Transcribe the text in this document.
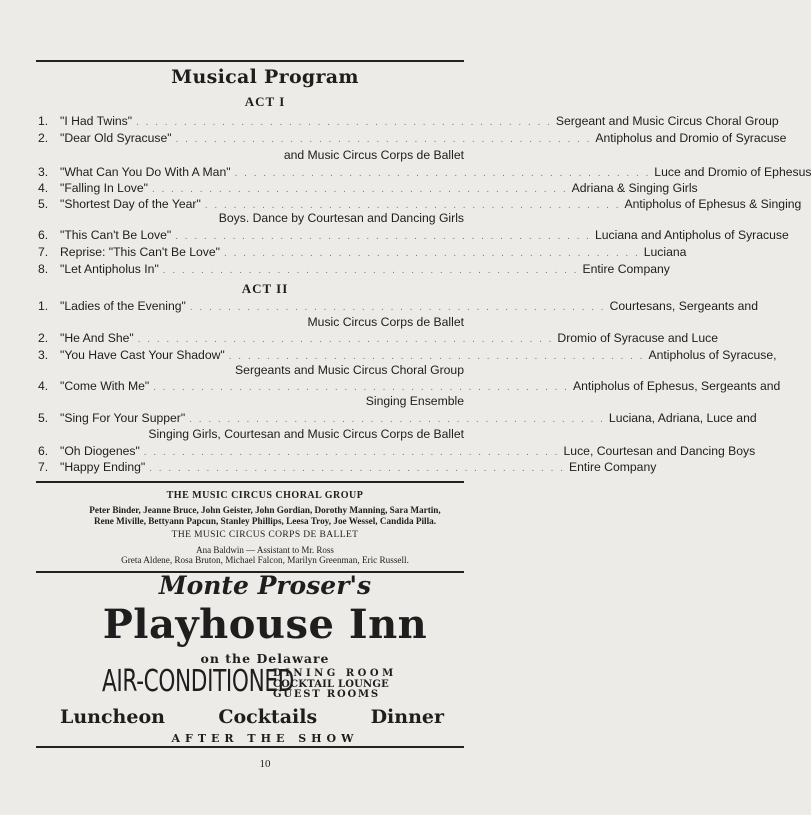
Musical Program
ACT I
1. "I Had Twins" . . . . . . . . . . . . . . . . . . . . . . . . . . . . . . . . . . . . . . . . . . . . Sergeant and Music Circus Choral Group
2. "Dear Old Syracuse" . . . . . . . . . . . . . . . . . . . . . . . . . . . . . . . . . . . . . . . . . . . . Antipholus and Dromio of Syracuse
and Music Circus Corps de Ballet
3. "What Can You Do With A Man" . . . . . . . . . . . . . . . . . . . . . . . . . . . . . . . . . . . . . . . . . . . . Luce and Dromio of Ephesus
4. "Falling In Love" . . . . . . . . . . . . . . . . . . . . . . . . . . . . . . . . . . . . . . . . . . . . Adriana & Singing Girls
5. "Shortest Day of the Year" . . . . . . . . . . . . . . . . . . . . . . . . . . . . . . . . . . . . . . . . . . . . Antipholus of Ephesus & Singing
Boys. Dance by Courtesan and Dancing Girls
6. "This Can't Be Love" . . . . . . . . . . . . . . . . . . . . . . . . . . . . . . . . . . . . . . . . . . . . Luciana and Antipholus of Syracuse
7. Reprise: "This Can't Be Love" . . . . . . . . . . . . . . . . . . . . . . . . . . . . . . . . . . . . . . . . . . . . Luciana
8. "Let Antipholus In" . . . . . . . . . . . . . . . . . . . . . . . . . . . . . . . . . . . . . . . . . . . . Entire Company
ACT II
1. "Ladies of the Evening" . . . . . . . . . . . . . . . . . . . . . . . . . . . . . . . . . . . . . . . . . . . . Courtesans, Sergeants and
Music Circus Corps de Ballet
2. "He And She" . . . . . . . . . . . . . . . . . . . . . . . . . . . . . . . . . . . . . . . . . . . . Dromio of Syracuse and Luce
3. "You Have Cast Your Shadow" . . . . . . . . . . . . . . . . . . . . . . . . . . . . . . . . . . . . . . . . . . . . Antipholus of Syracuse,
Sergeants and Music Circus Choral Group
4. "Come With Me" . . . . . . . . . . . . . . . . . . . . . . . . . . . . . . . . . . . . . . . . . . . . Antipholus of Ephesus, Sergeants and
Singing Ensemble
5. "Sing For Your Supper" . . . . . . . . . . . . . . . . . . . . . . . . . . . . . . . . . . . . . . . . . . . . Luciana, Adriana, Luce and
Singing Girls, Courtesan and Music Circus Corps de Ballet
6. "Oh Diogenes" . . . . . . . . . . . . . . . . . . . . . . . . . . . . . . . . . . . . . . . . . . . . Luce, Courtesan and Dancing Boys
7. "Happy Ending" . . . . . . . . . . . . . . . . . . . . . . . . . . . . . . . . . . . . . . . . . . . . Entire Company
THE MUSIC CIRCUS CHORAL GROUP
Peter Binder, Jeanne Bruce, John Geister, John Gordian, Dorothy Manning, Sara Martin,
Rene Miville, Bettyann Papcun, Stanley Phillips, Leesa Troy, Joe Wessel, Candida Pilla.
THE MUSIC CIRCUS CORPS DE BALLET
Ana Baldwin — Assistant to Mr. Ross
Greta Aldene, Rosa Bruton, Michael Falcon, Marilyn Greenman, Eric Russell.
Monte Proser's
Playhouse Inn
on the Delaware
AIR-CONDITIONED
DINING ROOM
COCKTAIL LOUNGE
GUEST ROOMS
Luncheon	Cocktails	Dinner
AFTER THE SHOW
10
